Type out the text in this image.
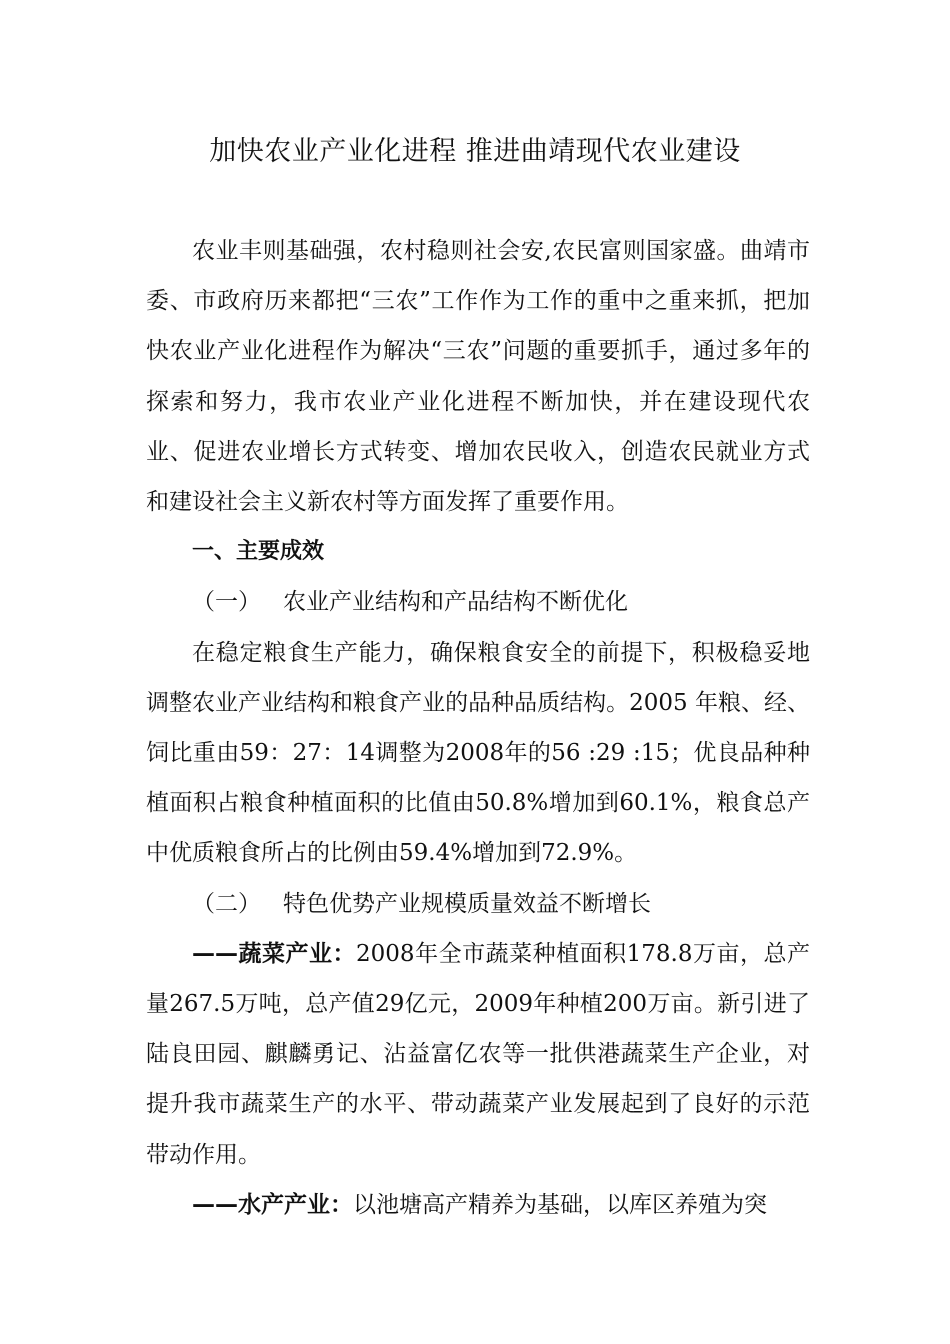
加快农业产业化进程 推进曲靖现代农业建设

农业丰则基础强，农村稳则社会安,农民富则国家盛。曲靖市委、市政府历来都把“三农”工作作为工作的重中之重来抓，把加快农业产业化进程作为解决“三农”问题的重要抓手，通过多年的探索和努力，我市农业产业化进程不断加快，并在建设现代农业、促进农业增长方式转变、增加农民收入，创造农民就业方式和建设社会主义新农村等方面发挥了重要作用。

一、主要成效

（一） 农业产业结构和产品结构不断优化

在稳定粮食生产能力，确保粮食安全的前提下，积极稳妥地调整农业产业结构和粮食产业的品种品质结构。2005 年粮、经、饲比重由59：27：14调整为2008年的56 :29 :15；优良品种种植面积占粮食种植面积的比值由50.8%增加到60.1%，粮食总产中优质粮食所占的比例由59.4%增加到72.9%。

（二） 特色优势产业规模质量效益不断增长

——蔬菜产业：2008年全市蔬菜种植面积178.8万亩，总产量267.5万吨，总产值29亿元，2009年种植200万亩。新引进了陆良田园、麒麟勇记、沾益富亿农等一批供港蔬菜生产企业，对提升我市蔬菜生产的水平、带动蔬菜产业发展起到了良好的示范带动作用。

——水产产业：以池塘高产精养为基础，以库区养殖为突
